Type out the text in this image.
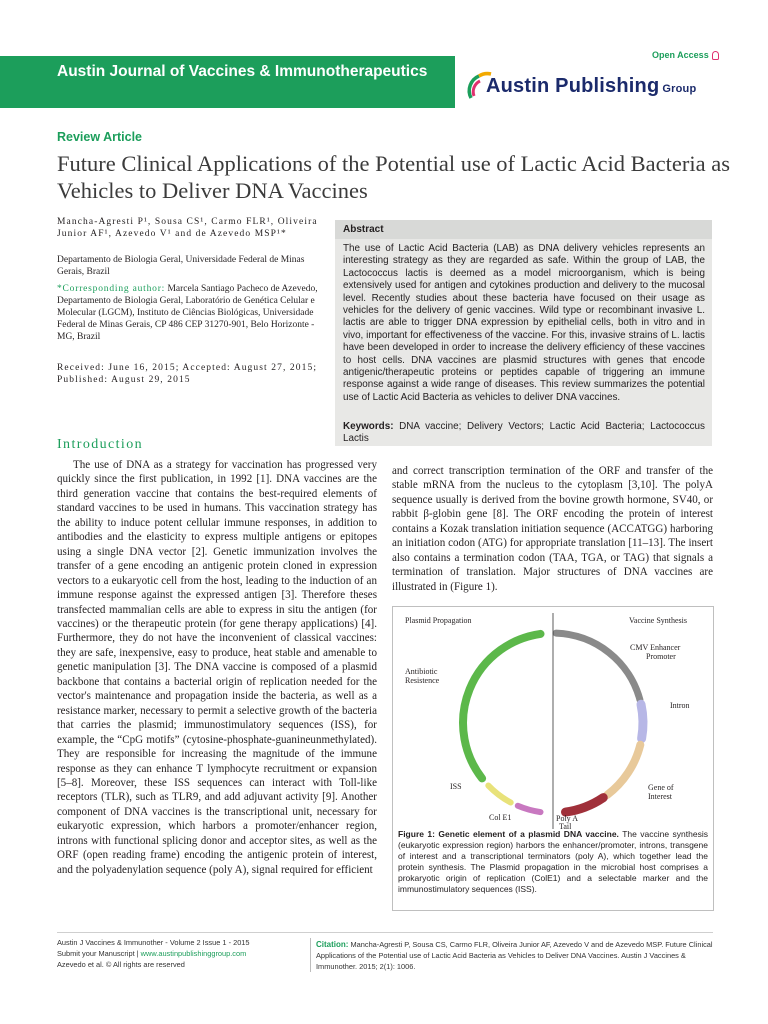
Austin Journal of Vaccines & Immunotherapeutics
Open Access
Austin Publishing Group
Review Article
Future Clinical Applications of the Potential use of Lactic Acid Bacteria as Vehicles to Deliver DNA Vaccines
Mancha-Agresti P¹, Sousa CS¹, Carmo FLR¹, Oliveira Junior AF¹, Azevedo V¹ and de Azevedo MSP¹*
Departamento de Biologia Geral, Universidade Federal de Minas Gerais, Brazil
*Corresponding author: Marcela Santiago Pacheco de Azevedo, Departamento de Biologia Geral, Laboratório de Genética Celular e Molecular (LGCM), Instituto de Ciências Biológicas, Universidade Federal de Minas Gerais, CP 486 CEP 31270-901, Belo Horizonte - MG, Brazil
Received: June 16, 2015; Accepted: August 27, 2015; Published: August 29, 2015
Abstract
The use of Lactic Acid Bacteria (LAB) as DNA delivery vehicles represents an interesting strategy as they are regarded as safe. Within the group of LAB, the Lactococcus lactis is deemed as a model microorganism, which is being extensively used for antigen and cytokines production and delivery to the mucosal level. Recently studies about these bacteria have focused on their usage as vehicles for the delivery of genic vaccines. Wild type or recombinant invasive L. lactis are able to trigger DNA expression by epithelial cells, both in vitro and in vivo, important for effectiveness of the vaccine. For this, invasive strains of L. lactis have been developed in order to increase the delivery efficiency of these vaccines to host cells. DNA vaccines are plasmid structures with genes that encode antigenic/therapeutic proteins or peptides capable of triggering an immune response against a wide range of diseases. This review summarizes the potential use of Lactic Acid Bacteria as vehicles to deliver DNA vaccines.
Keywords: DNA vaccine; Delivery Vectors; Lactic Acid Bacteria; Lactococcus Lactis
Introduction

The use of DNA as a strategy for vaccination has progressed very quickly since the first publication, in 1992 [1]. DNA vaccines are the third generation vaccine that contains the best-required elements of standard vaccines to be used in humans. This vaccination strategy has the ability to induce potent cellular immune responses, in addition to antibodies and the elasticity to express multiple antigens or epitopes using a single DNA vector [2]. Genetic immunization involves the transfer of a gene encoding an antigenic protein cloned in expression vectors to a eukaryotic cell from the host, leading to the induction of an immune response against the expressed antigen [3]. Therefore theses transfected mammalian cells are able to express in situ the antigen (for vaccines) or the therapeutic protein (for gene therapy applications) [4]. Furthermore, they do not have the inconvenient of classical vaccines: they are safe, inexpensive, easy to produce, heat stable and amenable to genetic manipulation [3]. The DNA vaccine is composed of a plasmid backbone that contains a bacterial origin of replication needed for the vector's maintenance and propagation inside the bacteria, as well as a resistance marker, necessary to permit a selective growth of the bacteria that carries the plasmid; immunostimulatory sequences (ISS), for example, the “CpG motifs” (cytosine-phosphate-guanineunmethylated). They are responsible for increasing the magnitude of the immune response as they can enhance T lymphocyte recruitment or expansion [5–8]. Moreover, these ISS sequences can interact with Toll-like receptors (TLR), such as TLR9, and add adjuvant activity [9]. Another component of DNA vaccines is the transcriptional unit, necessary for eukaryotic expression, which harbors a promoter/enhancer region, introns with functional splicing donor and acceptor sites, as well as the ORF (open reading frame) encoding the antigenic protein of interest, and the polyadenylation sequence (poly A), signal required for efficient

and correct transcription termination of the ORF and transfer of the stable mRNA from the nucleus to the cytoplasm [3,10]. The polyA sequence usually is derived from the bovine growth hormone, SV40, or rabbit β-globin gene [8]. The ORF encoding the protein of interest contains a Kozak translation initiation sequence (ACCATGG) harboring an initiation codon (ATG) for appropriate translation [11–13]. The insert also contains a termination codon (TAA, TGA, or TAG) that signals a termination of translation. Major structures of DNA vaccines are illustrated in (Figure 1).

Plasmid Propagation	Vaccine Synthesis
CMV Enhancer
Promoter
Antibiotic
Resistence
Intron
Gene of
Interest
ISS
Col E1	Poly A
Tail
Figure 1: Genetic element of a plasmid DNA vaccine. The vaccine synthesis (eukaryotic expression region) harbors the enhancer/promoter, introns, transgene of interest and a transcriptional terminators (poly A), which together lead the protein synthesis. The Plasmid propagation in the microbial host comprises a prokaryotic origin of replication (ColE1) and a selectable marker and the immunostimulatory sequences (ISS).
Austin J Vaccines & Immunother - Volume 2 Issue 1 - 2015
Submit your Manuscript | www.austinpublishinggroup.com
Azevedo et al. © All rights are reserved
Citation: Mancha-Agresti P, Sousa CS, Carmo FLR, Oliveira Junior AF, Azevedo V and de Azevedo MSP. Future Clinical Applications of the Potential use of Lactic Acid Bacteria as Vehicles to Deliver DNA Vaccines. Austin J Vaccines & Immunother. 2015; 2(1): 1006.
